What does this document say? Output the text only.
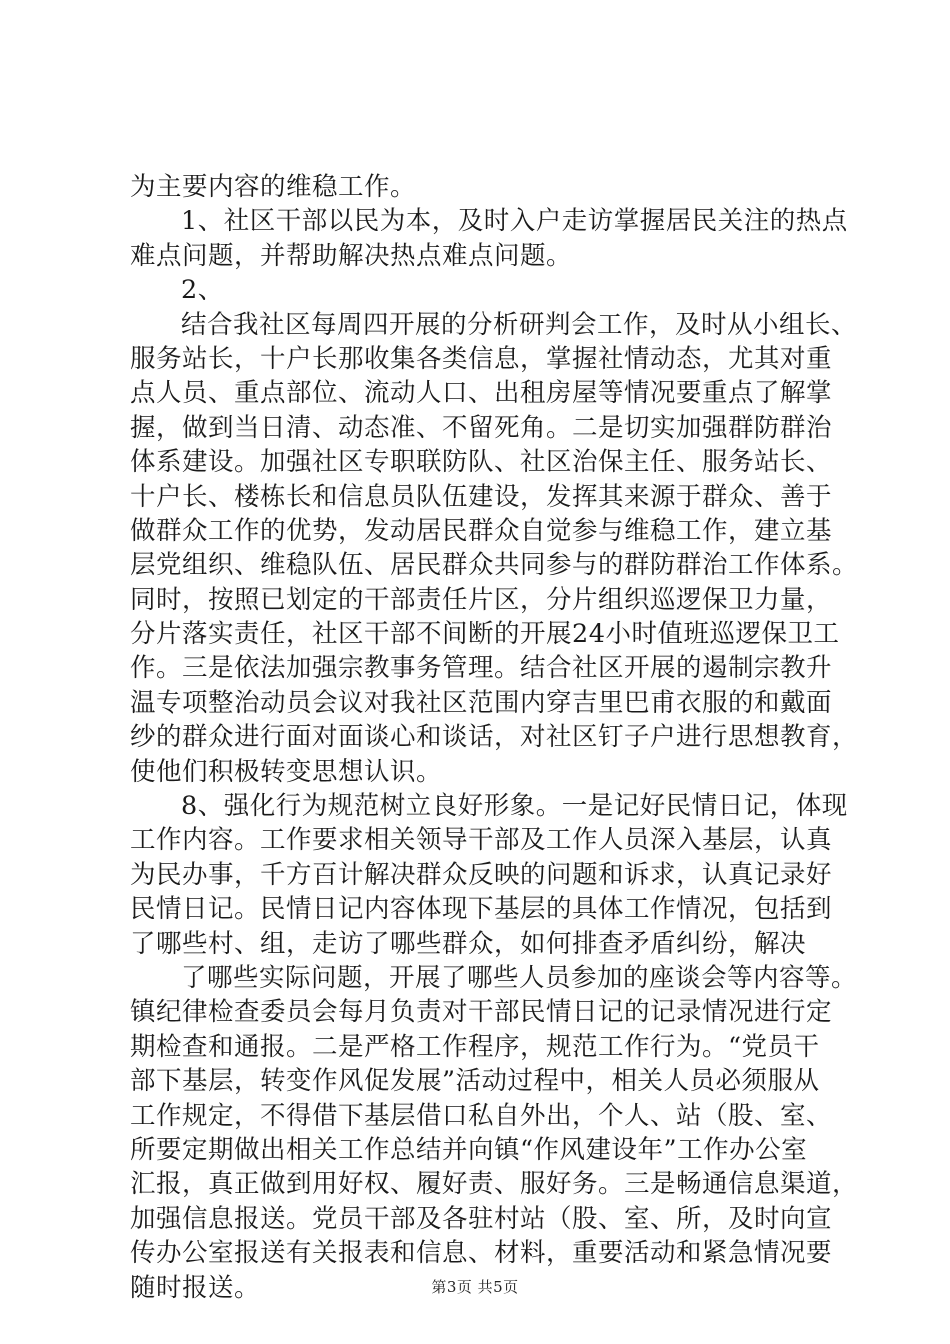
为主要内容的维稳工作。
1、社区干部以民为本，及时入户走访掌握居民关注的热点
难点问题，并帮助解决热点难点问题。
2、
结合我社区每周四开展的分析研判会工作，及时从小组长、
服务站长，十户长那收集各类信息，掌握社情动态，尤其对重
点人员、重点部位、流动人口、出租房屋等情况要重点了解掌
握，做到当日清、动态准、不留死角。二是切实加强群防群治
体系建设。加强社区专职联防队、社区治保主任、服务站长、
十户长、楼栋长和信息员队伍建设，发挥其来源于群众、善于
做群众工作的优势，发动居民群众自觉参与维稳工作，建立基
层党组织、维稳队伍、居民群众共同参与的群防群治工作体系。
同时，按照已划定的干部责任片区，分片组织巡逻保卫力量，
分片落实责任，社区干部不间断的开展24小时值班巡逻保卫工
作。三是依法加强宗教事务管理。结合社区开展的遏制宗教升
温专项整治动员会议对我社区范围内穿吉里巴甫衣服的和戴面
纱的群众进行面对面谈心和谈话，对社区钉子户进行思想教育，
使他们积极转变思想认识。
8、强化行为规范树立良好形象。一是记好民情日记，体现
工作内容。工作要求相关领导干部及工作人员深入基层，认真
为民办事，千方百计解决群众反映的问题和诉求，认真记录好
民情日记。民情日记内容体现下基层的具体工作情况，包括到
了哪些村、组，走访了哪些群众，如何排查矛盾纠纷，解决
了哪些实际问题，开展了哪些人员参加的座谈会等内容等。
镇纪律检查委员会每月负责对干部民情日记的记录情况进行定
期检查和通报。二是严格工作程序，规范工作行为。“党员干
部下基层，转变作风促发展”活动过程中，相关人员必须服从
工作规定，不得借下基层借口私自外出，个人、站（股、室、
所要定期做出相关工作总结并向镇“作风建设年”工作办公室
汇报，真正做到用好权、履好责、服好务。三是畅通信息渠道，
加强信息报送。党员干部及各驻村站（股、室、所，及时向宣
传办公室报送有关报表和信息、材料，重要活动和紧急情况要
随时报送。	第3页 共5页
